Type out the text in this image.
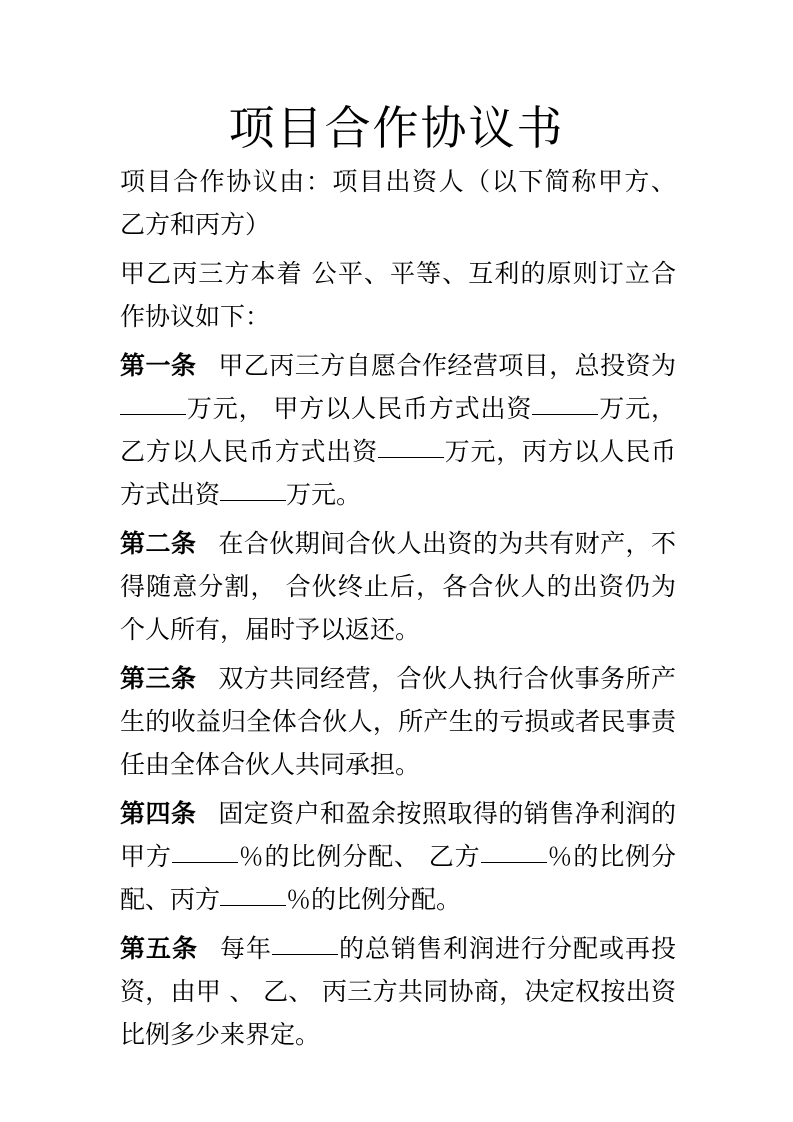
项目合作协议书

项目合作协议由：项目出资人（以下简称甲方、 乙方和丙方）

甲乙丙三方本着 公平、平等、互利的原则订立合作协议如下：

第一条 甲乙丙三方自愿合作经营项目，总投资为万元， 甲方以人民币方式出资	万元，乙方以人民币方式出资	万元，丙方以人民币方式出资	万元。

第二条 在合伙期间合伙人出资的为共有财产，不得随意分割， 合伙终止后，各合伙人的出资仍为个人所有，届时予以返还。

第三条 双方共同经营，合伙人执行合伙事务所产生的收益归全体合伙人，所产生的亏损或者民事责任由全体合伙人共同承担。

第四条 固定资户和盈余按照取得的销售净利润的甲方	％的比例分配、 乙方	％的比例分配、丙方	％的比例分配。

第五条 每年	的总销售利润进行分配或再投资，由甲 、 乙、 丙三方共同协商，决定权按出资比例多少来界定。
